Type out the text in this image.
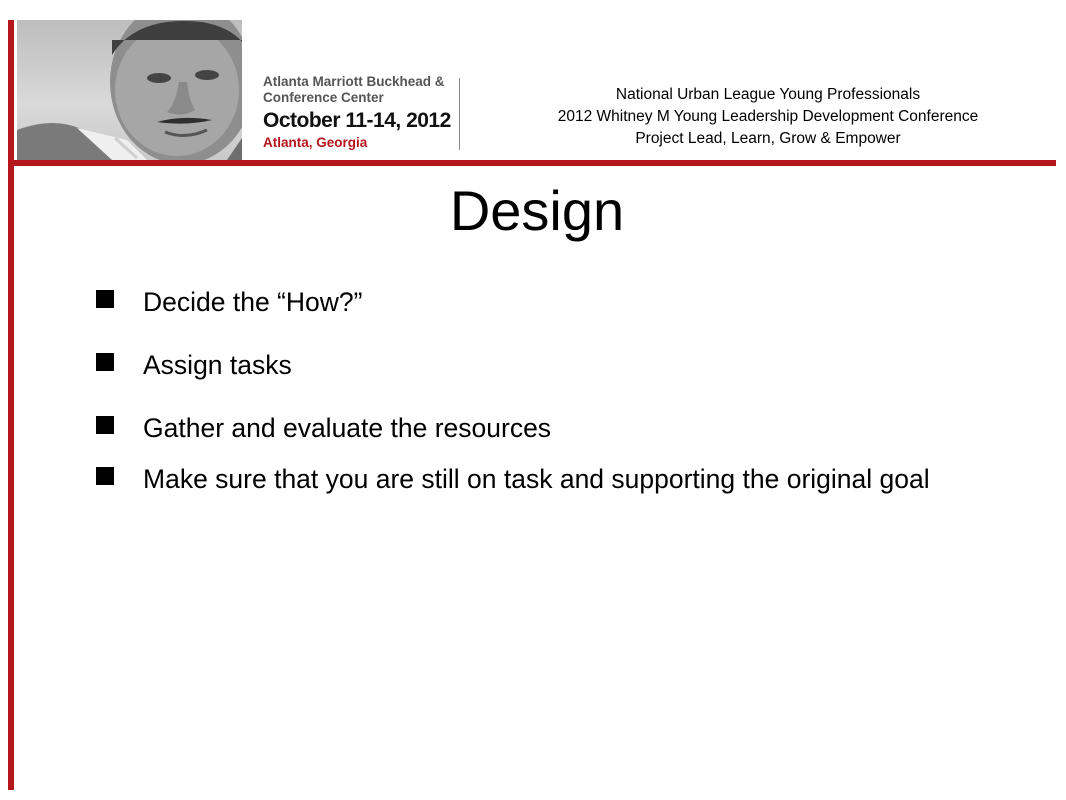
Atlanta Marriott Buckhead &
Conference Center
October 11-14, 2012
Atlanta, Georgia
National Urban League Young Professionals
2012 Whitney M Young Leadership Development Conference
Project Lead, Learn, Grow & Empower
Design
Decide the “How?”
Assign tasks
Gather and evaluate the resources
Make sure that you are still on task and supporting the original goal
